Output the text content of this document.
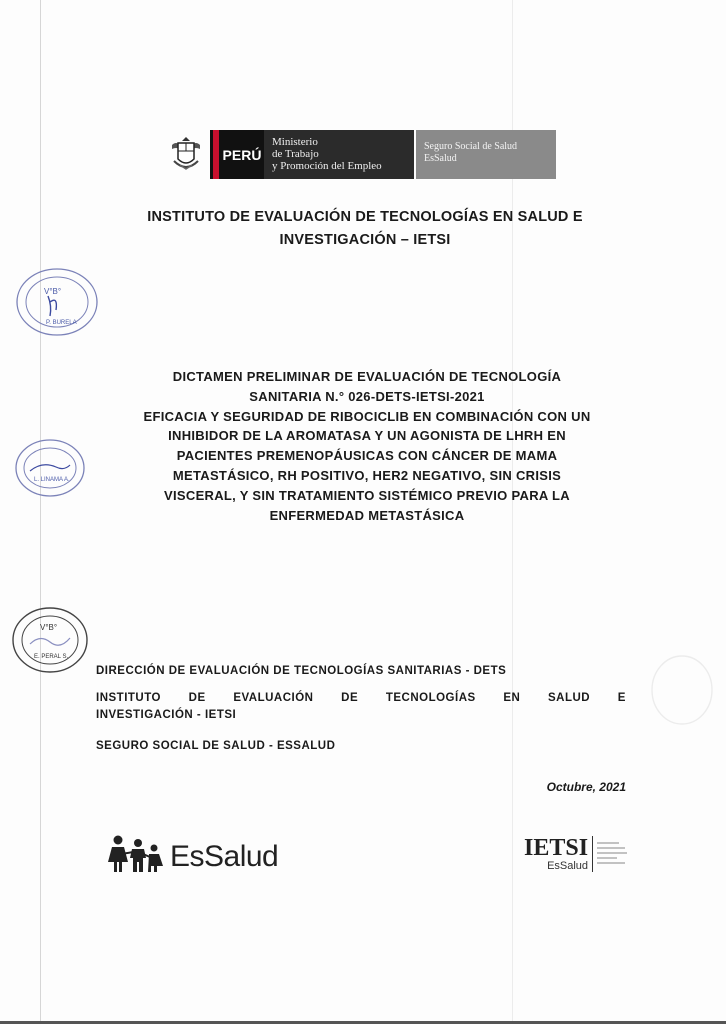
PERÚ
Ministerio
de Trabajo
y Promoción del Empleo
Seguro Social de Salud
EsSalud
INSTITUTO DE EVALUACIÓN DE TECNOLOGÍAS EN SALUD E
INVESTIGACIÓN – IETSI
DICTAMEN PRELIMINAR DE EVALUACIÓN DE TECNOLOGÍA
SANITARIA N.° 026-DETS-IETSI-2021
EFICACIA Y SEGURIDAD DE RIBOCICLIB EN COMBINACIÓN CON UN
INHIBIDOR DE LA AROMATASA Y UN AGONISTA DE LHRH EN
PACIENTES PREMENOPÁUSICAS CON CÁNCER DE MAMA
METASTÁSICO, RH POSITIVO, HER2 NEGATIVO, SIN CRISIS
VISCERAL, Y SIN TRATAMIENTO SISTÉMICO PREVIO PARA LA
ENFERMEDAD METASTÁSICA
DIRECCIÓN DE EVALUACIÓN DE TECNOLOGÍAS SANITARIAS - DETS
INSTITUTO DE EVALUACIÓN DE TECNOLOGÍAS EN SALUD E
INVESTIGACIÓN - IETSI
SEGURO SOCIAL DE SALUD - ESSALUD
Octubre, 2021
EsSalud	IETSI
EsSalud
V°B°
P. BURELA
L. LINAMA A.
V°B°
E. PERAL S.
